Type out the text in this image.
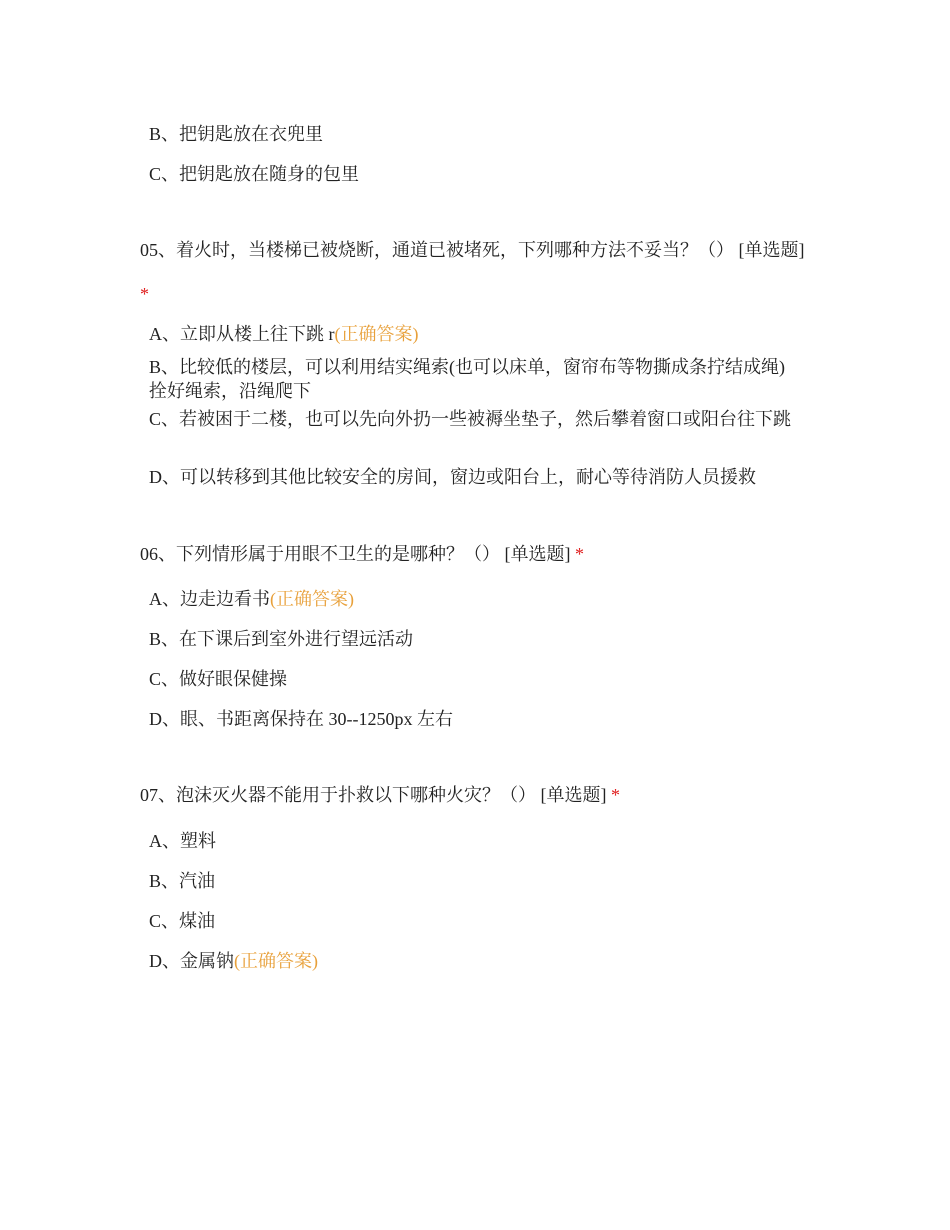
B、把钥匙放在衣兜里
C、把钥匙放在随身的包里
05、着火时，当楼梯已被烧断，通道已被堵死，下列哪种方法不妥当？（） [单选题] *
A、立即从楼上往下跳 r(正确答案)
B、比较低的楼层，可以利用结实绳索(也可以床单，窗帘布等物撕成条拧结成绳)拴好绳索，沿绳爬下
C、若被困于二楼，也可以先向外扔一些被褥坐垫子，然后攀着窗口或阳台往下跳
D、可以转移到其他比较安全的房间，窗边或阳台上，耐心等待消防人员援救
06、下列情形属于用眼不卫生的是哪种？（） [单选题] *
A、边走边看书(正确答案)
B、在下课后到室外进行望远活动
C、做好眼保健操
D、眼、书距离保持在 30--1250px 左右
07、泡沫灭火器不能用于扑救以下哪种火灾？（） [单选题] *
A、塑料
B、汽油
C、煤油
D、金属钠(正确答案)
